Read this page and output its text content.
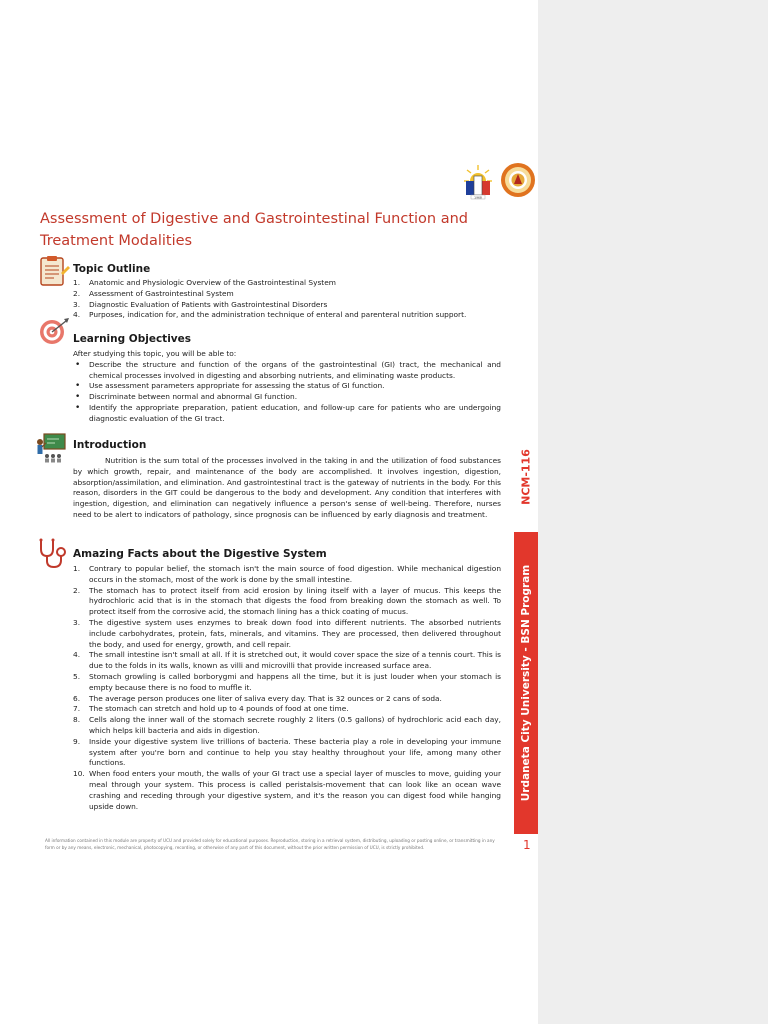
1968
Assessment of Digestive and Gastrointestinal Function and Treatment Modalities
Topic Outline
1. Anatomic and Physiologic Overview of the Gastrointestinal System
2. Assessment of Gastrointestinal System
3. Diagnostic Evaluation of Patients with Gastrointestinal Disorders
4. Purposes, indication for, and the administration technique of enteral and parenteral nutrition support.
Learning Objectives
After studying this topic, you will be able to:
• Describe the structure and function of the organs of the gastrointestinal (GI) tract, the mechanical and chemical processes involved in digesting and absorbing nutrients, and eliminating waste products.
• Use assessment parameters appropriate for assessing the status of GI function.
• Discriminate between normal and abnormal GI function.
• Identify the appropriate preparation, patient education, and follow-up care for patients who are undergoing diagnostic evaluation of the GI tract.
Introduction
Nutrition is the sum total of the processes involved in the taking in and the utilization of food substances by which growth, repair, and maintenance of the body are accomplished. It involves ingestion, digestion, absorption/assimilation, and elimination. And gastrointestinal tract is the gateway of nutrients in the body. For this reason, disorders in the GIT could be dangerous to the body and development. Any condition that interferes with ingestion, digestion, and elimination can negatively influence a person's sense of well-being. Therefore, nurses need to be alert to indicators of pathology, since prognosis can be influenced by early diagnosis and treatment.
Amazing Facts about the Digestive System
1. Contrary to popular belief, the stomach isn't the main source of food digestion. While mechanical digestion occurs in the stomach, most of the work is done by the small intestine.
2. The stomach has to protect itself from acid erosion by lining itself with a layer of mucus. This keeps the hydrochloric acid that is in the stomach that digests the food from breaking down the stomach as well. To protect itself from the corrosive acid, the stomach lining has a thick coating of mucus.
3. The digestive system uses enzymes to break down food into different nutrients. The absorbed nutrients include carbohydrates, protein, fats, minerals, and vitamins. They are processed, then delivered throughout the body, and used for energy, growth, and cell repair.
4. The small intestine isn't small at all. If it is stretched out, it would cover space the size of a tennis court. This is due to the folds in its walls, known as villi and microvilli that provide increased surface area.
5. Stomach growling is called borborygmi and happens all the time, but it is just louder when your stomach is empty because there is no food to muffle it.
6. The average person produces one liter of saliva every day. That is 32 ounces or 2 cans of soda.
7. The stomach can stretch and hold up to 4 pounds of food at one time.
8. Cells along the inner wall of the stomach secrete roughly 2 liters (0.5 gallons) of hydrochloric acid each day, which helps kill bacteria and aids in digestion.
9. Inside your digestive system live trillions of bacteria. These bacteria play a role in developing your immune system after you're born and continue to help you stay healthy throughout your life, among many other functions.
10. When food enters your mouth, the walls of your GI tract use a special layer of muscles to move, guiding your meal through your system. This process is called peristalsis-movement that can look like an ocean wave crashing and receding through your digestive system, and it's the reason you can digest food while hanging upside down.
NCM-116
Urdaneta City University - BSN Program
All information contained in this module are property of UCU and provided solely for educational purposes. Reproduction, storing in a retrieval system, distributing, uploading or posting online, or transmitting in any form or by any means, electronic, mechanical, photocopying, recording, or otherwise of any part of this document, without the prior written permission of UCU, is strictly prohibited.	1
